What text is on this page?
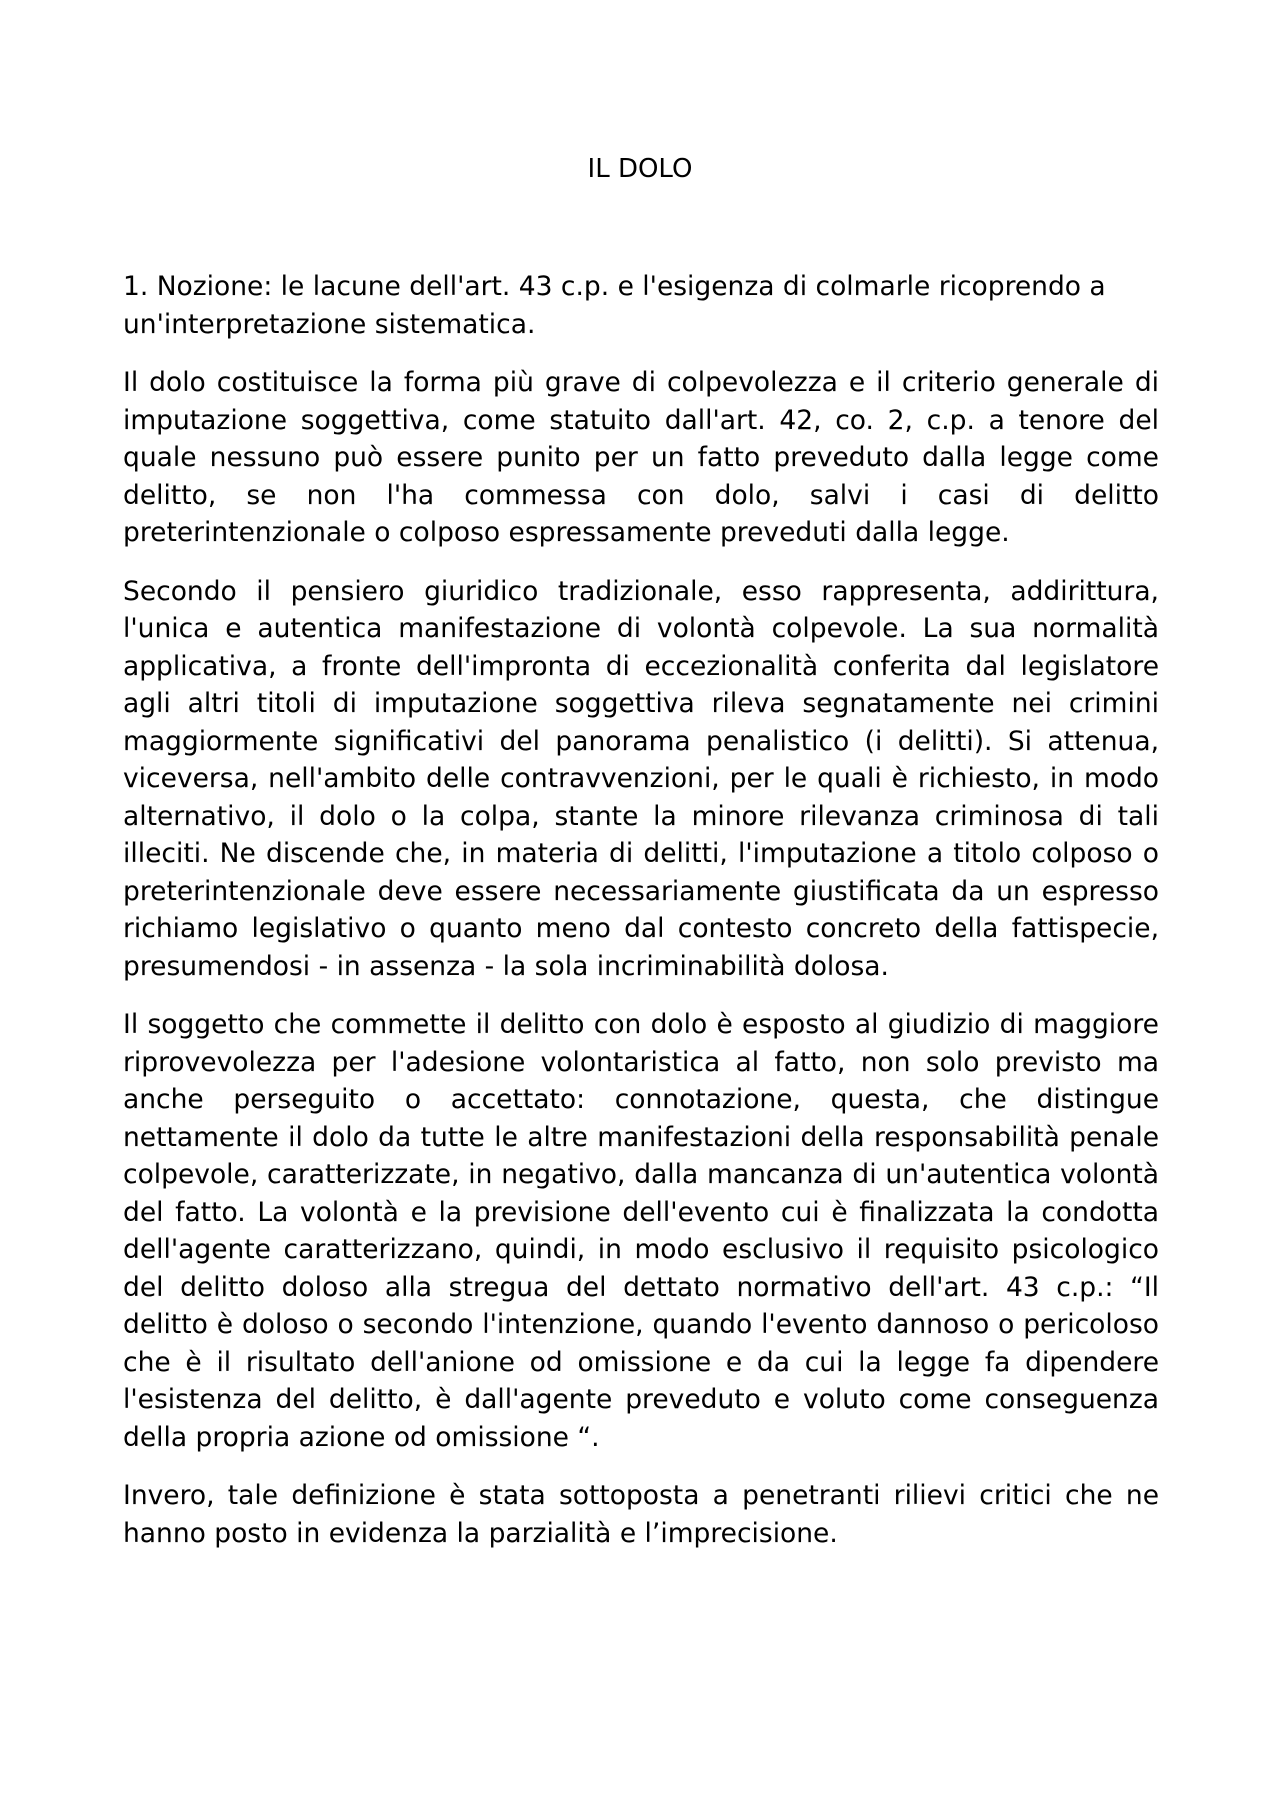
IL DOLO

1. Nozione: le lacune dell'art. 43 c.p. e l'esigenza di colmarle ricoprendo a un'interpretazione sistematica.

Il dolo costituisce la forma più grave di colpevolezza e il criterio generale di imputazione soggettiva, come statuito dall'art. 42, co. 2, c.p. a tenore del quale nessuno può essere punito per un fatto preveduto dalla legge come delitto, se non l'ha commessa con dolo, salvi i casi di delitto preterintenzionale o colposo espressamente preveduti dalla legge.

Secondo il pensiero giuridico tradizionale, esso rappresenta, addirittura, l'unica e autentica manifestazione di volontà colpevole. La sua normalità applicativa, a fronte dell'impronta di eccezionalità conferita dal legislatore agli altri titoli di imputazione soggettiva rileva segnatamente nei crimini maggiormente significativi del panorama penalistico (i delitti). Si attenua, viceversa, nell'ambito delle contravvenzioni, per le quali è richiesto, in modo alternativo, il dolo o la colpa, stante la minore rilevanza criminosa di tali illeciti. Ne discende che, in materia di delitti, l'imputazione a titolo colposo o preterintenzionale deve essere necessariamente giustificata da un espresso richiamo legislativo o quanto meno dal contesto concreto della fattispecie, presumendosi - in assenza - la sola incriminabilità dolosa.

Il soggetto che commette il delitto con dolo è esposto al giudizio di maggiore riprovevolezza per l'adesione volontaristica al fatto, non solo previsto ma anche perseguito o accettato: connotazione, questa, che distingue nettamente il dolo da tutte le altre manifestazioni della responsabilità penale colpevole, caratterizzate, in negativo, dalla mancanza di un'autentica volontà del fatto. La volontà e la previsione dell'evento cui è finalizzata la condotta dell'agente caratterizzano, quindi, in modo esclusivo il requisito psicologico del delitto doloso alla stregua del dettato normativo dell'art. 43 c.p.: “Il delitto è doloso o secondo l'intenzione, quando l'evento dannoso o pericoloso che è il risultato dell'anione od omissione e da cui la legge fa dipendere l'esistenza del delitto, è dall'agente preveduto e voluto come conseguenza della propria azione od omissione “.

Invero, tale definizione è stata sottoposta a penetranti rilievi critici che ne hanno posto in evidenza la parzialità e l’imprecisione.
